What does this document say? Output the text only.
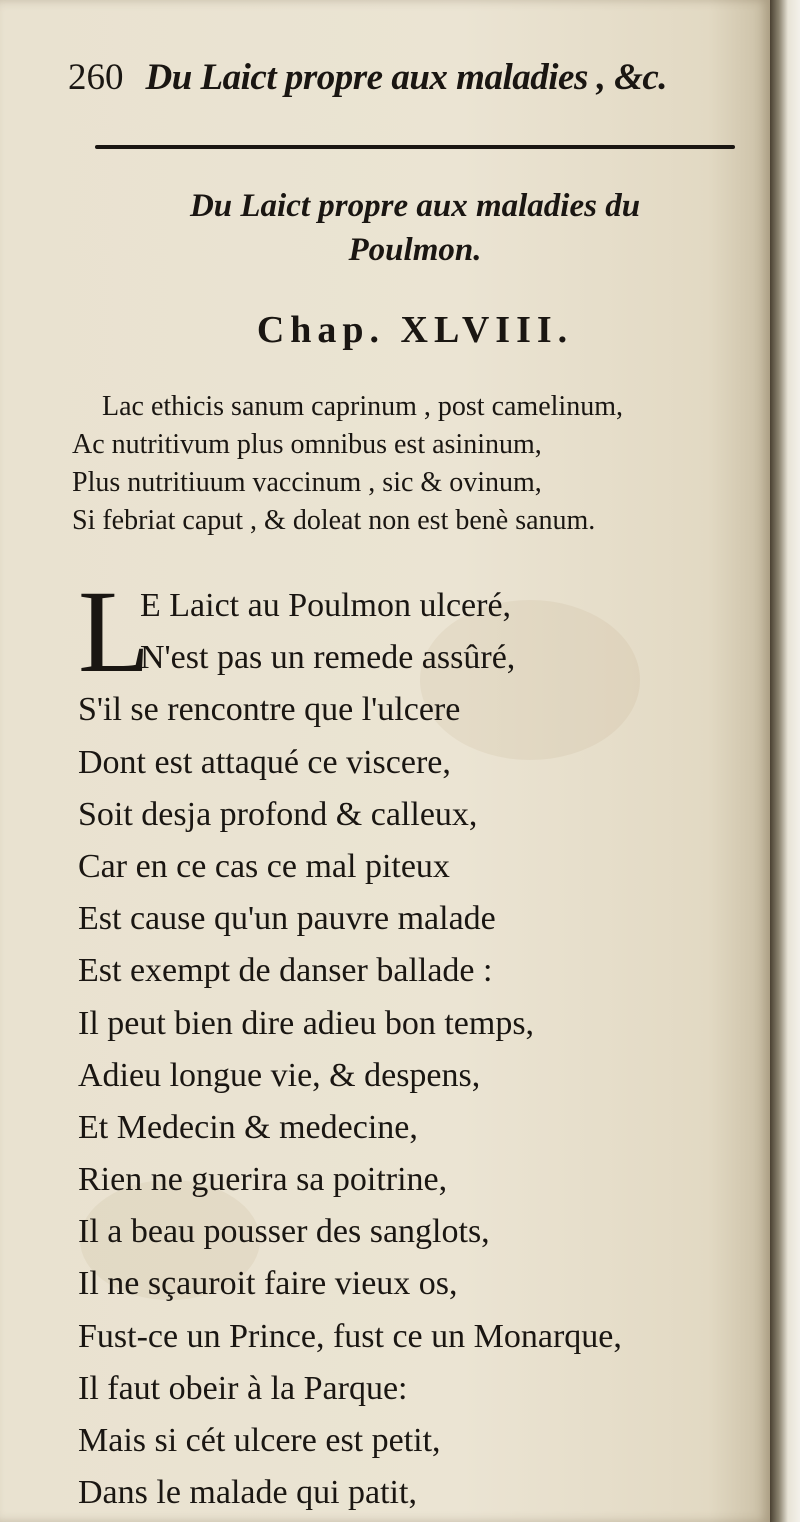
260 Du Laict propre aux maladies , &c.
Du Laict propre aux maladies du
Poulmon.
Chap. XLVIII.
Lac ethicis sanum caprinum , post camelinum,
Ac nutritivum plus omnibus est asininum,
Plus nutritiuum vaccinum , sic & ovinum,
Si febriat caput , & doleat non est benè sanum.
L
E Laict au Poulmon ulceré,
N'est pas un remede assûré,
S'il se rencontre que l'ulcere
Dont est attaqué ce viscere,
Soit desja profond & calleux,
Car en ce cas ce mal piteux
Est cause qu'un pauvre malade
Est exempt de danser ballade :
Il peut bien dire adieu bon temps,
Adieu longue vie, & despens,
Et Medecin & medecine,
Rien ne guerira sa poitrine,
Il a beau pousser des sanglots,
Il ne sçauroit faire vieux os,
Fust-ce un Prince, fust ce un Monarque,
Il faut obeir à la Parque:
Mais si cét ulcere est petit,
Dans le malade qui patit,
